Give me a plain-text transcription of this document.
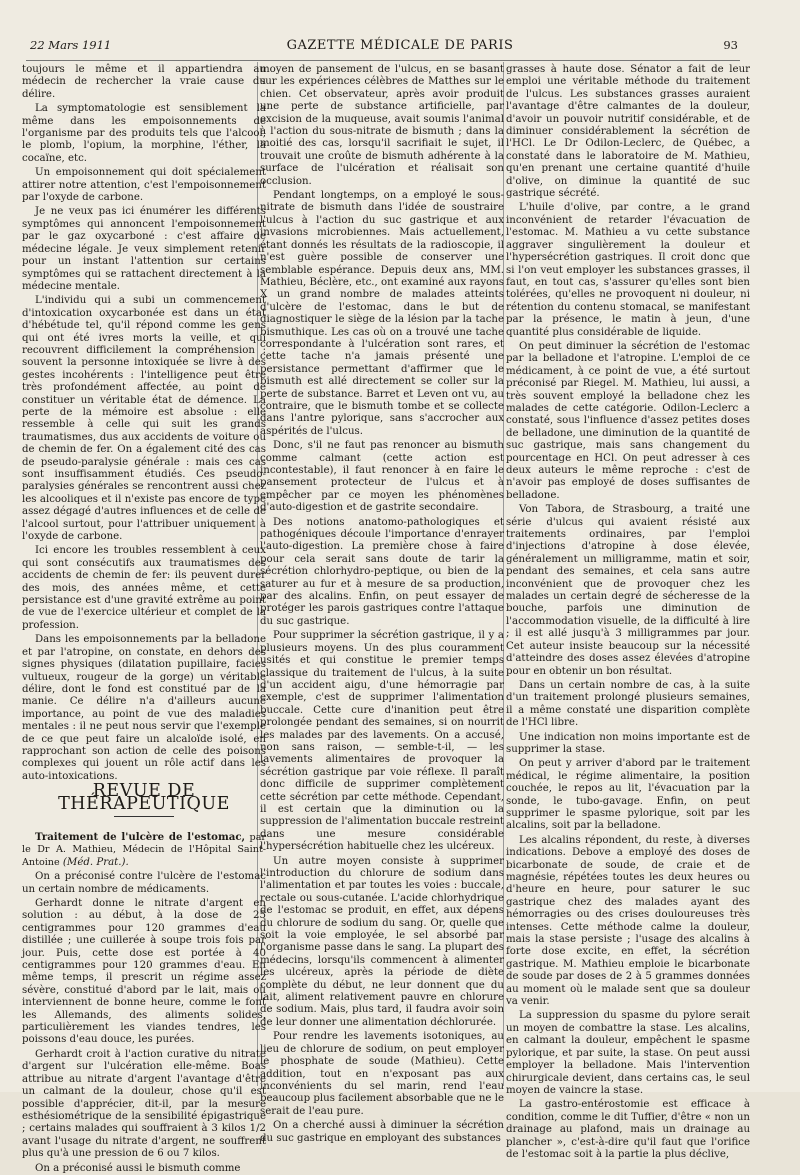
22 Mars 1911	GAZETTE MÉDICALE DE PARIS	93

toujours le même et il appartiendra au médecin de rechercher la vraie cause du délire.

La symptomatologie est sensiblement la même dans les empoisonnements de l'organisme par des produits tels que l'alcool, le plomb, l'opium, la morphine, l'éther, la cocaïne, etc.

Un empoisonnement qui doit spécialement attirer notre attention, c'est l'empoisonnement par l'oxyde de carbone.

Je ne veux pas ici énumérer les différents symptômes qui annoncent l'empoisonnement par le gaz oxycarboné : c'est affaire de médecine légale. Je veux simplement retenir pour un instant l'attention sur certains symptômes qui se rattachent directement à la médecine mentale.

L'individu qui a subi un commencement d'intoxication oxycarbonée est dans un état d'hébétude tel, qu'il répond comme les gens qui ont été ivres morts la veille, et qui recouvrent difficilement la compréhension : souvent la personne intoxiquée se livre à des gestes incohérents : l'intelligence peut être très profondément affectée, au point de constituer un véritable état de démence. La perte de la mémoire est absolue : elle ressemble à celle qui suit les grands traumatismes, dus aux accidents de voiture ou de chemin de fer. On a également cité des cas de pseudo-paralysie générale : mais ces cas sont insuffisamment étudiés. Ces pseudo-paralysies générales se rencontrent aussi chez les alcooliques et il n'existe pas encore de type assez dégagé d'autres influences et de celle de l'alcool surtout, pour l'attribuer uniquement à l'oxyde de carbone.

Ici encore les troubles ressemblent à ceux qui sont consécutifs aux traumatismes des accidents de chemin de fer: ils peuvent durer des mois, des années même, et cette persistance est d'une gravité extrême au point de vue de l'exercice ultérieur et complet de la profession.

Dans les empoisonnements par la belladone et par l'atropine, on constate, en dehors des signes physiques (dilatation pupillaire, facies vultueux, rougeur de la gorge) un véritable délire, dont le fond est constitué par de la manie. Ce délire n'a d'ailleurs aucune importance, au point de vue des maladies mentales : il ne peut nous servir que l'exemple de ce que peut faire un alcaloïde isolé, en rapprochant son action de celle des poisons complexes qui jouent un rôle actif dans les auto-intoxications.

REVUE DE THÉRAPEUTIQUE

Traitement de l'ulcère de l'estomac, par le Dr A. Mathieu, Médecin de l'Hôpital Saint-Antoine (Méd. Prat.).

On a préconisé contre l'ulcère de l'estomac un certain nombre de médicaments.

Gerhardt donne le nitrate d'argent en solution : au début, à la dose de 25 centigrammes pour 120 grammes d'eau distillée ; une cuillerée à soupe trois fois par jour. Puis, cette dose est portée à 40 centigrammes pour 120 grammes d'eau. En même temps, il prescrit un régime assez sévère, constitué d'abord par le lait, mais où interviennent de bonne heure, comme le font les Allemands, des aliments solides, particulièrement les viandes tendres, les poissons d'eau douce, les purées.

Gerhardt croit à l'action curative du nitrate d'argent sur l'ulcération elle-même. Boas attribue au nitrate d'argent l'avantage d'être un calmant de la douleur, chose qu'il est possible d'apprécier, dit-il, par la mesure esthésiométrique de la sensibilité épigastrique ; certains malades qui souffraient à 3 kilos 1/2 avant l'usage du nitrate d'argent, ne souffrent plus qu'à une pression de 6 ou 7 kilos.

On a préconisé aussi le bismuth comme

moyen de pansement de l'ulcus, en se basant sur les expériences célèbres de Matthes sur le chien. Cet observateur, après avoir produit une perte de substance artificielle, par excision de la muqueuse, avait soumis l'animal à l'action du sous-nitrate de bismuth ; dans la moitié des cas, lorsqu'il sacrifiait le sujet, il trouvait une croûte de bismuth adhérente à la surface de l'ulcération et réalisait son occlusion.

Pendant longtemps, on a employé le sous-nitrate de bismuth dans l'idée de soustraire l'ulcus à l'action du suc gastrique et aux invasions microbiennes. Mais actuellement, étant donnés les résultats de la radioscopie, il n'est guère possible de conserver une semblable espérance. Depuis deux ans, MM. Mathieu, Béclère, etc., ont examiné aux rayons X un grand nombre de malades atteints d'ulcère de l'estomac, dans le but de diagnostiquer le siège de la lésion par la tache bismuthique. Les cas où on a trouvé une tache correspondante à l'ulcération sont rares, et cette tache n'a jamais présenté une persistance permettant d'affirmer que le bismuth est allé directement se coller sur la perte de substance. Barret et Leven ont vu, au contraire, que le bismuth tombe et se collecte dans l'antre pylorique, sans s'accrocher aux aspérités de l'ulcus.

Donc, s'il ne faut pas renoncer au bismuth comme calmant (cette action est incontestable), il faut renoncer à en faire le pansement protecteur de l'ulcus et à empêcher par ce moyen les phénomènes d'auto-digestion et de gastrite secondaire.

Des notions anatomo-pathologiques et pathogéniques découle l'importance d'enrayer l'auto-digestion. La première chose à faire pour cela serait sans doute de tarir la sécrétion chlorhydro-peptique, ou bien de la saturer au fur et à mesure de sa production, par des alcalins. Enfin, on peut essayer de protéger les parois gastriques contre l'attaque du suc gastrique.

Pour supprimer la sécrétion gastrique, il y a plusieurs moyens. Un des plus couramment usités et qui constitue le premier temps classique du traitement de l'ulcus, à la suite d'un accident aigu, d'une hémorragie par exemple, c'est de supprimer l'alimentation buccale. Cette cure d'inanition peut être prolongée pendant des semaines, si on nourrit les malades par des lavements. On a accusé, non sans raison, — semble-t-il, — les lavements alimentaires de provoquer la sécrétion gastrique par voie réflexe. Il paraît donc difficile de supprimer complètement cette sécrétion par cette méthode. Cependant, il est certain que la diminution ou la suppression de l'alimentation buccale restreint dans une mesure considérable l'hypersécrétion habituelle chez les ulcéreux.

Un autre moyen consiste à supprimer l'introduction du chlorure de sodium dans l'alimentation et par toutes les voies : buccale, rectale ou sous-cutanée. L'acide chlorhydrique de l'estomac se produit, en effet, aux dépens du chlorure de sodium du sang. Or, quelle que soit la voie employée, le sel absorbé par l'organisme passe dans le sang. La plupart des médecins, lorsqu'ils commencent à alimenter les ulcéreux, après la période de diète complète du début, ne leur donnent que du lait, aliment relativement pauvre en chlorure de sodium. Mais, plus tard, il faudra avoir soin de leur donner une alimentation déchlorurée.

Pour rendre les lavements isotoniques, au lieu de chlorure de sodium, on peut employer le phosphate de soude (Mathieu). Cette addition, tout en n'exposant pas aux inconvénients du sel marin, rend l'eau beaucoup plus facilement absorbable que ne le serait de l'eau pure.

On a cherché aussi à diminuer la sécrétion du suc gastrique en employant des substances

grasses à haute dose. Sénator a fait de leur emploi une véritable méthode du traitement de l'ulcus. Les substances grasses auraient l'avantage d'être calmantes de la douleur, d'avoir un pouvoir nutritif considérable, et de diminuer considérablement la sécrétion de l'HCl. Le Dr Odilon-Leclerc, de Québec, a constaté dans le laboratoire de M. Mathieu, qu'en prenant une certaine quantité d'huile d'olive, on diminue la quantité de suc gastrique sécrété.

L'huile d'olive, par contre, a le grand inconvénient de retarder l'évacuation de l'estomac. M. Mathieu a vu cette substance aggraver singulièrement la douleur et l'hypersécrétion gastriques. Il croit donc que si l'on veut employer les substances grasses, il faut, en tout cas, s'assurer qu'elles sont bien tolérées, qu'elles ne provoquent ni douleur, ni rétention du contenu stomacal, se manifestant par la présence, le matin à jeun, d'une quantité plus considérable de liquide.

On peut diminuer la sécrétion de l'estomac par la belladone et l'atropine. L'emploi de ce médicament, à ce point de vue, a été surtout préconisé par Riegel. M. Mathieu, lui aussi, a très souvent employé la belladone chez les malades de cette catégorie. Odilon-Leclerc a constaté, sous l'influence d'assez petites doses de belladone, une diminution de la quantité de suc gastrique, mais sans changement du pourcentage en HCl. On peut adresser à ces deux auteurs le même reproche : c'est de n'avoir pas employé de doses suffisantes de belladone.

Von Tabora, de Strasbourg, a traité une série d'ulcus qui avaient résisté aux traitements ordinaires, par l'emploi d'injections d'atropine à dose élevée, généralement un milligramme, matin et soir, pendant des semaines, et cela sans autre inconvénient que de provoquer chez les malades un certain degré de sécheresse de la bouche, parfois une diminution de l'accommodation visuelle, de la difficulté à lire ; il est allé jusqu'à 3 milligrammes par jour. Cet auteur insiste beaucoup sur la nécessité d'atteindre des doses assez élevées d'atropine pour en obtenir un bon résultat.

Dans un certain nombre de cas, à la suite d'un traitement prolongé plusieurs semaines, il a même constaté une disparition complète de l'HCl libre.

Une indication non moins importante est de supprimer la stase.

On peut y arriver d'abord par le traitement médical, le régime alimentaire, la position couchée, le repos au lit, l'évacuation par la sonde, le tubo-gavage. Enfin, on peut supprimer le spasme pylorique, soit par les alcalins, soit par la belladone.

Les alcalins répondent, du reste, à diverses indications. Debove a employé des doses de bicarbonate de soude, de craie et de magnésie, répétées toutes les deux heures ou d'heure en heure, pour saturer le suc gastrique chez des malades ayant des hémorragies ou des crises douloureuses très intenses. Cette méthode calme la douleur, mais la stase persiste ; l'usage des alcalins à forte dose excite, en effet, la sécrétion gastrique. M. Mathieu emploie le bicarbonate de soude par doses de 2 à 5 grammes données au moment où le malade sent que sa douleur va venir.

La suppression du spasme du pylore serait un moyen de combattre la stase. Les alcalins, en calmant la douleur, empêchent le spasme pylorique, et par suite, la stase. On peut aussi employer la belladone. Mais l'intervention chirurgicale devient, dans certains cas, le seul moyen de vaincre la stase.

La gastro-entérostomie est efficace à condition, comme le dit Tuffier, d'être « non un drainage au plafond, mais un drainage au plancher », c'est-à-dire qu'il faut que l'orifice de l'estomac soit à la partie la plus déclive,
